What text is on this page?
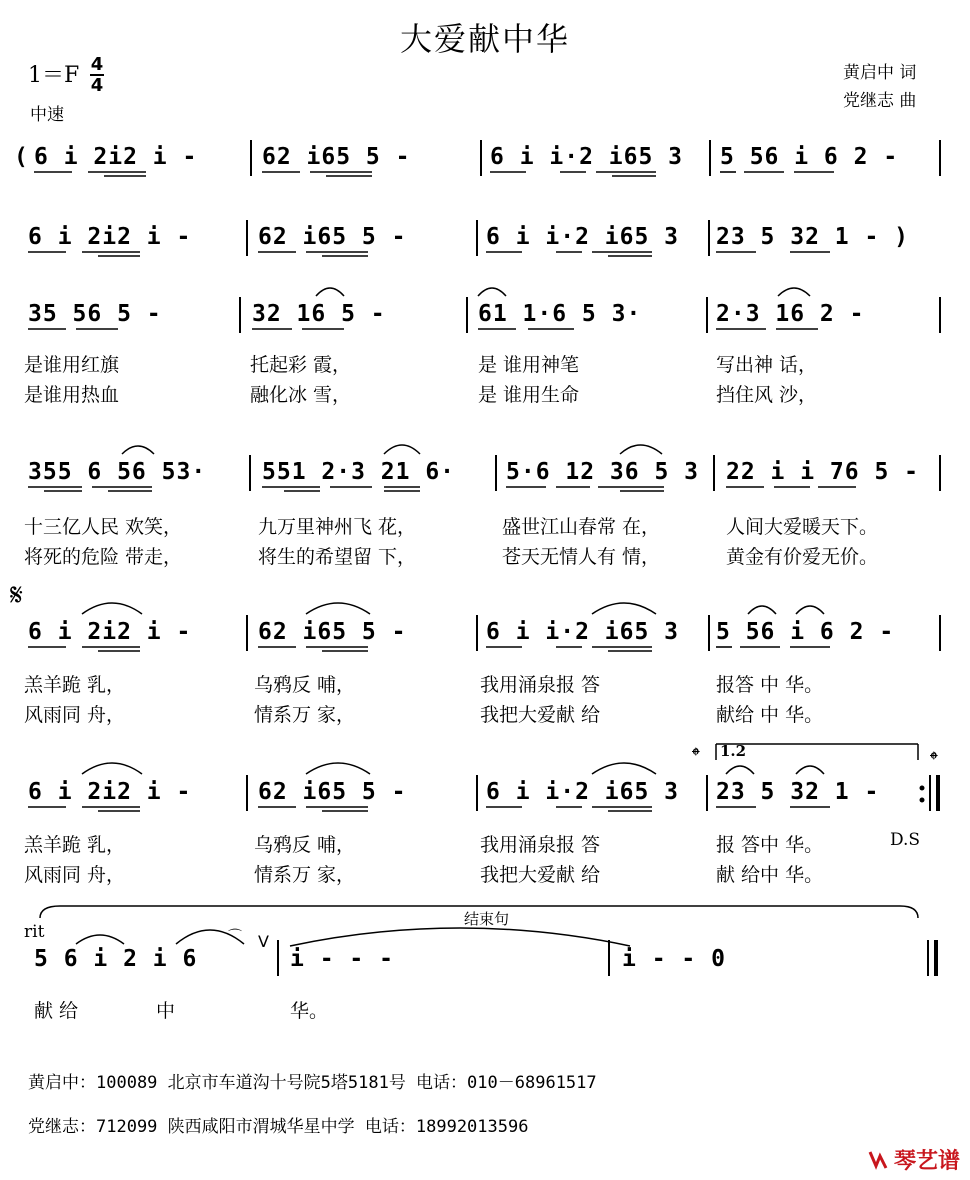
大爱献中华
1＝F 4
4
中速
黄启中 词
党继志 曲
( 6 i 2i2 i -	62 i65 5 -	6 i i·2 i65 3 5 56 i 6 2 -
6 i 2i2 i -	62 i65 5 -	6 i i·2 i65 3 23 5 32 1 - )
35 56 5 -	32 16 5 -	61 1·6 5 3·	2·3 16 2 -
是谁用红旗	托起彩 霞，	是 谁用神笔	写出神 话，
是谁用热血	融化冰 雪，	是 谁用生命	挡住风 沙，
355 6 56 53· 551 2·3 21 6· 5·6 12 36 5 3 22 i i 76 5 -
十三亿人民 欢笑，	九万里神州飞 花，	盛世江山春常 在，	人间大爱暖天下。
将死的危险 带走，	将生的希望留 下，	苍天无情人有 情，	黄金有价爱无价。
𝄋
6 i 2i2 i -	62 i65 5 -	6 i i·2 i65 3 5 56 i 6 2 -
羔羊跪 乳，	乌鸦反 哺，	我用涌泉报 答	报答 中 华。
风雨同 舟，	情系万 家，	我把大爱献 给	献给 中 华。
𝄌 1.2	𝄌
6 i 2i2 i -	62 i65 5 -	6 i i·2 i65 3 23 5 32 1 -
羔羊跪 乳，	乌鸦反 哺，	我用涌泉报 答	报 答中 华。	D.S
风雨同 舟，	情系万 家，	我把大爱献 给	献 给中 华。
结束句
rit
5 6 i 2 i 6
V
⌒
i - - -	i - - 0
献 给	中	华。
黄启中：100089 北京市车道沟十号院5塔5181号 电话：010－68961517
党继志：712099 陕西咸阳市渭城华星中学 电话：18992013596
琴艺谱
